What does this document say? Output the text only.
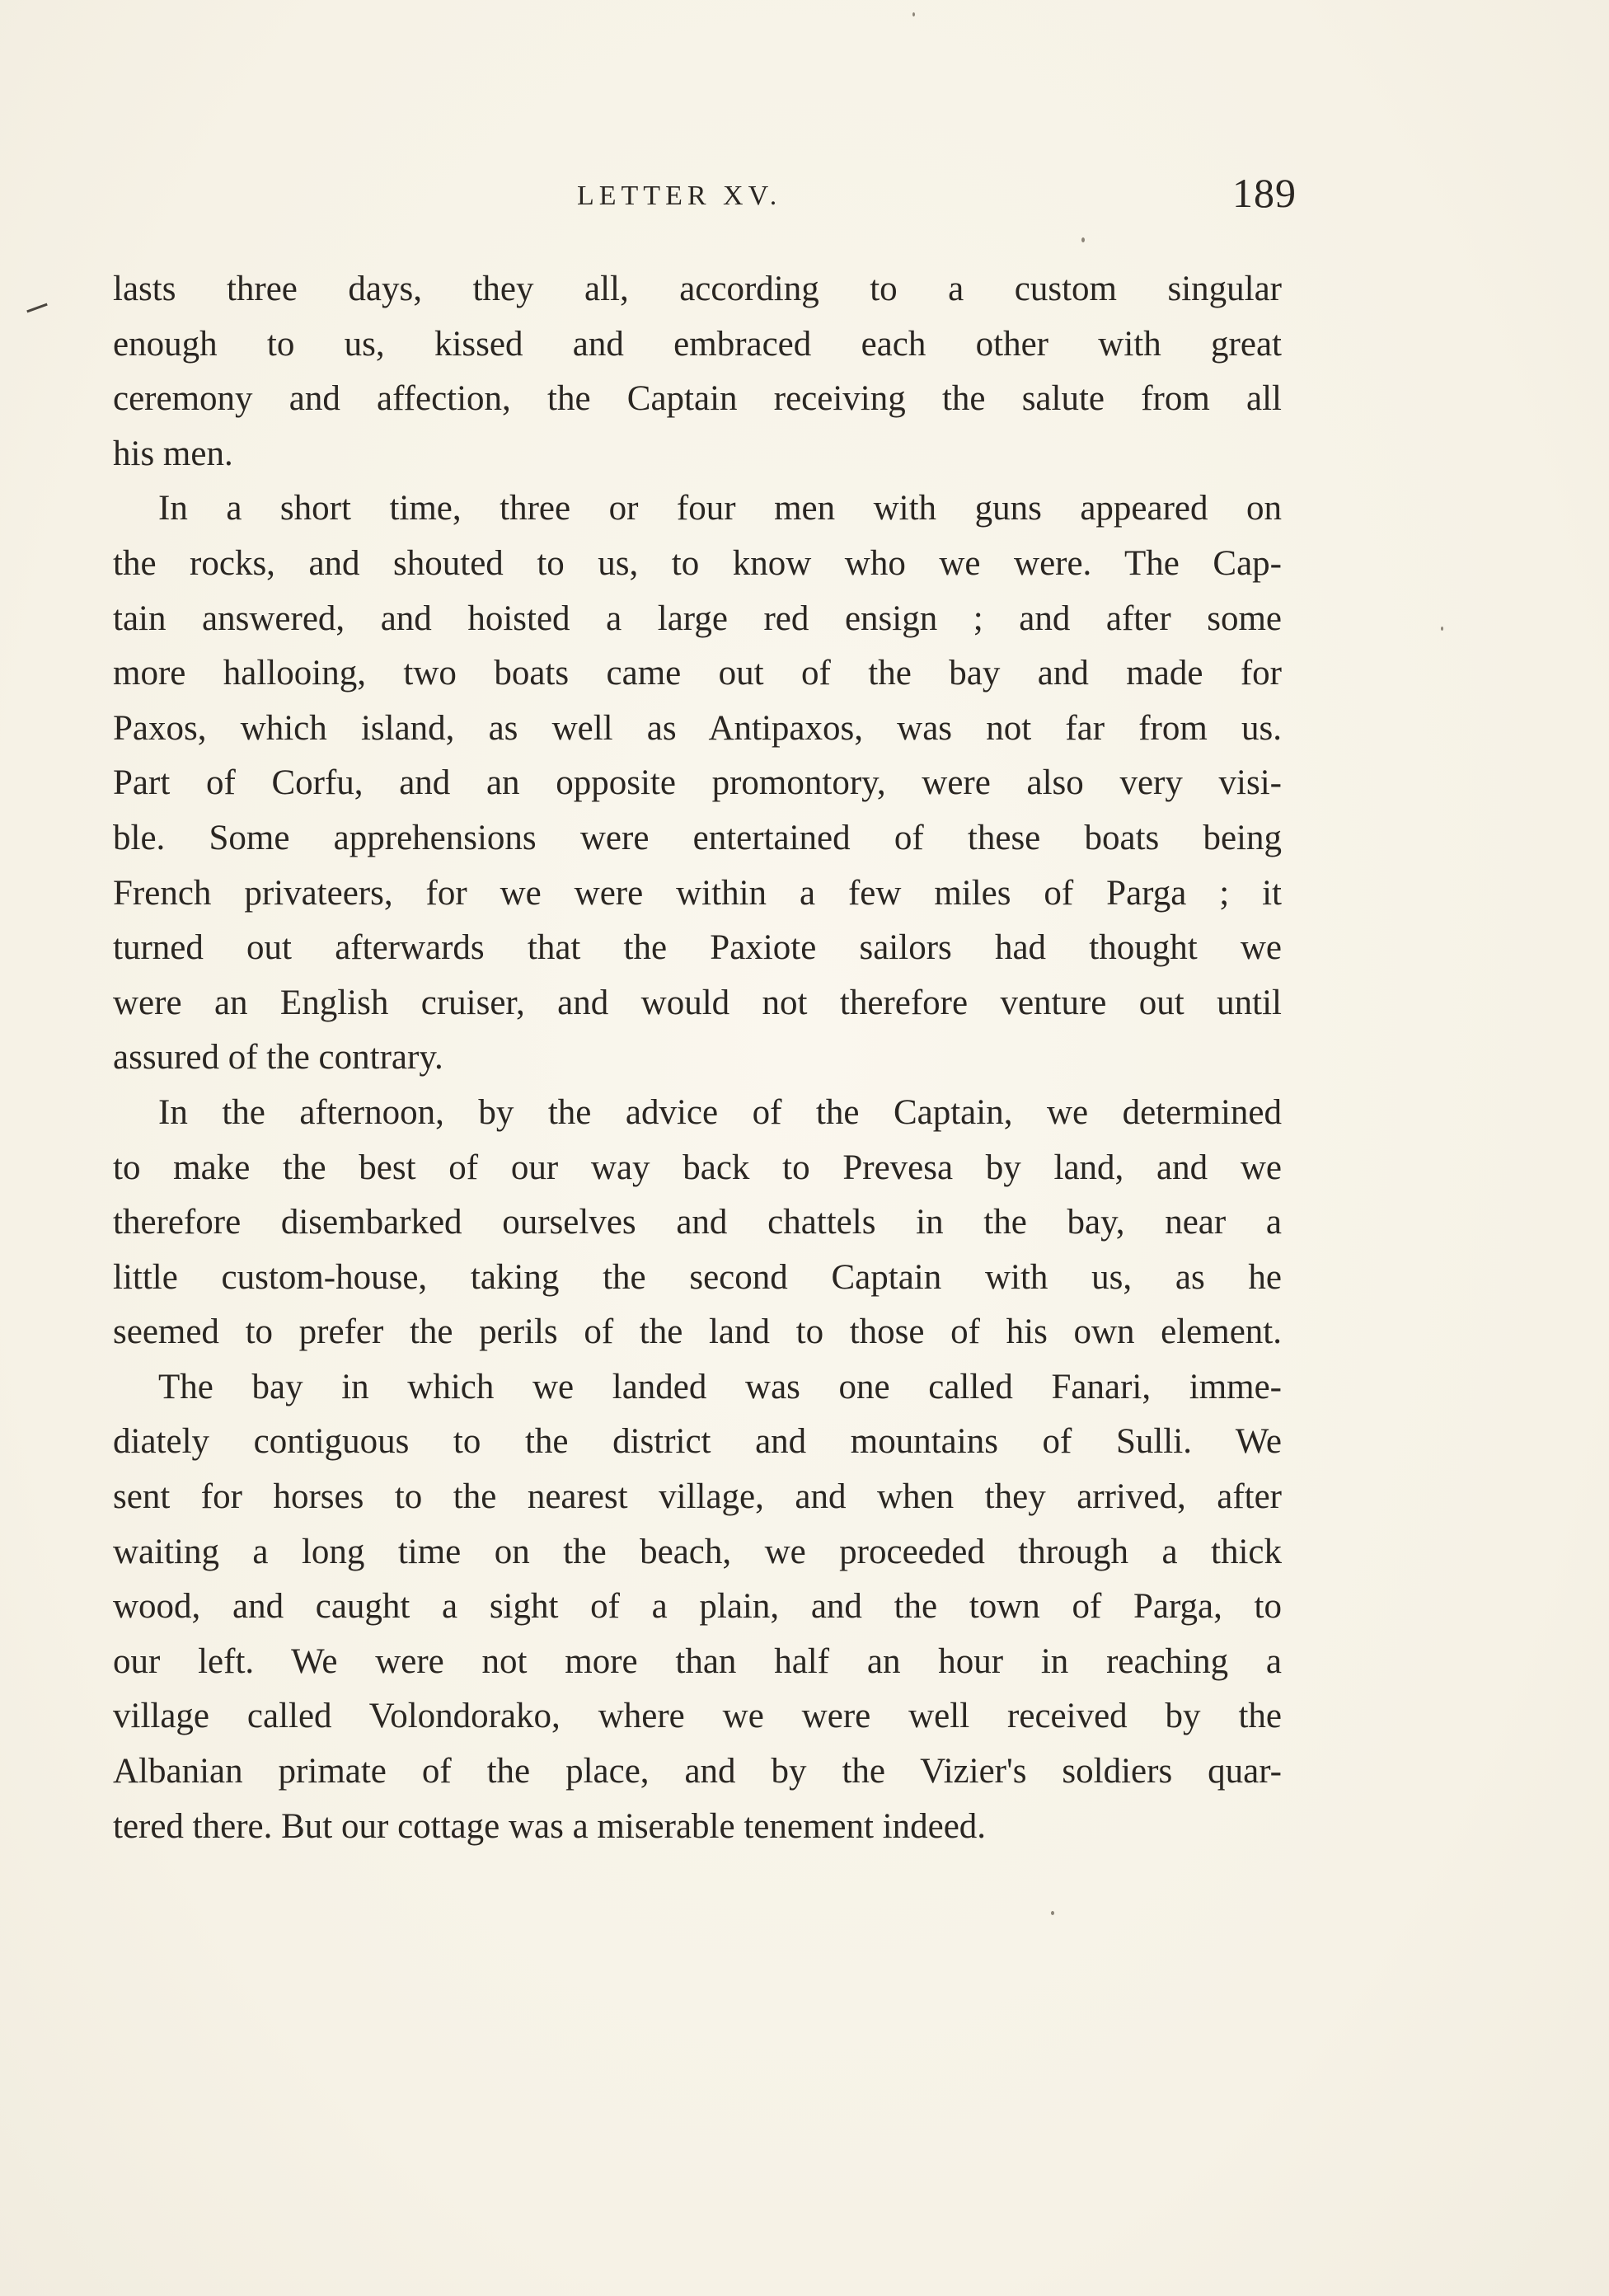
LETTER XV.	189
lasts three days, they all, according to a custom singular
enough to us, kissed and embraced each other with great
ceremony and affection, the Captain receiving the salute from all
his men.
In a short time, three or four men with guns appeared on
the rocks, and shouted to us, to know who we were. The Cap-
tain answered, and hoisted a large red ensign ; and after some
more hallooing, two boats came out of the bay and made for
Paxos, which island, as well as Antipaxos, was not far from us.
Part of Corfu, and an opposite promontory, were also very visi-
ble. Some apprehensions were entertained of these boats being
French privateers, for we were within a few miles of Parga ; it
turned out afterwards that the Paxiote sailors had thought we
were an English cruiser, and would not therefore venture out until
assured of the contrary.
In the afternoon, by the advice of the Captain, we determined
to make the best of our way back to Prevesa by land, and we
therefore disembarked ourselves and chattels in the bay, near a
little custom-house, taking the second Captain with us, as he
seemed to prefer the perils of the land to those of his own element.
The bay in which we landed was one called Fanari, imme-
diately contiguous to the district and mountains of Sulli. We
sent for horses to the nearest village, and when they arrived, after
waiting a long time on the beach, we proceeded through a thick
wood, and caught a sight of a plain, and the town of Parga, to
our left. We were not more than half an hour in reaching a
village called Volondorako, where we were well received by the
Albanian primate of the place, and by the Vizier's soldiers quar-
tered there. But our cottage was a miserable tenement indeed.
